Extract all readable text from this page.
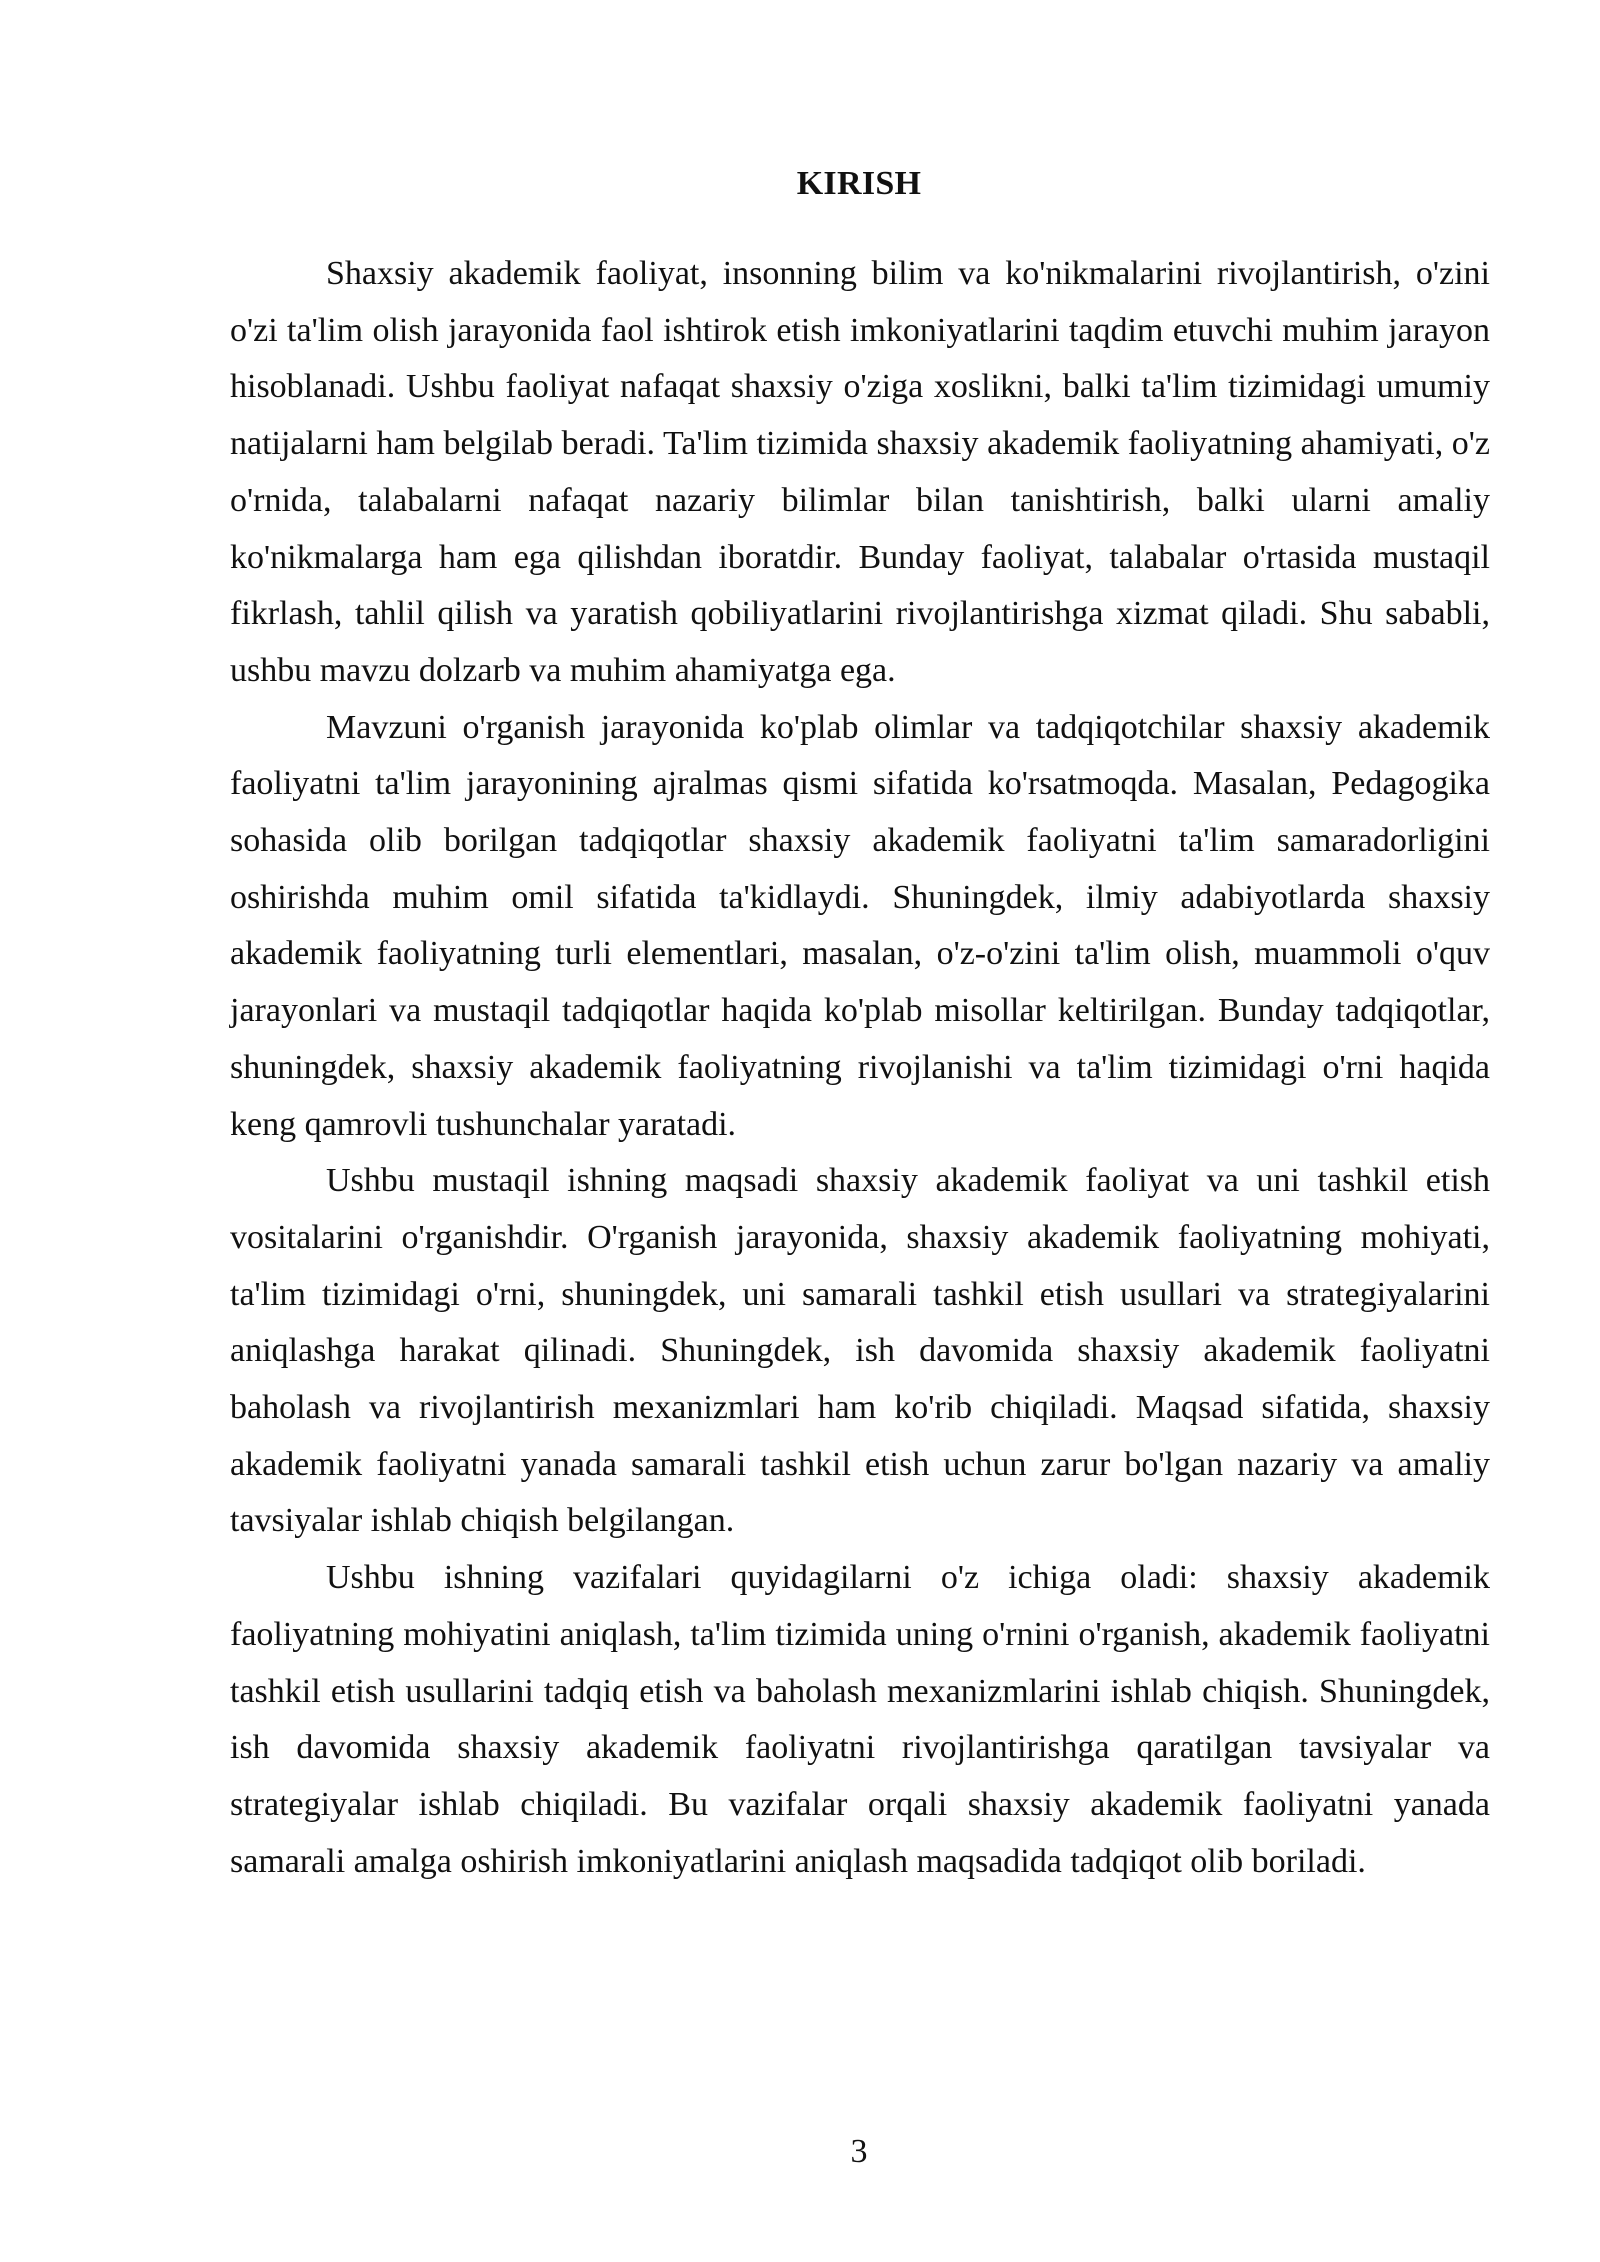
KIRISH

Shaxsiy akademik faoliyat, insonning bilim va ko'nikmalarini rivojlantirish, o'zini o'zi ta'lim olish jarayonida faol ishtirok etish imkoniyatlarini taqdim etuvchi muhim jarayon hisoblanadi. Ushbu faoliyat nafaqat shaxsiy o'ziga xoslikni, balki ta'lim tizimidagi umumiy natijalarni ham belgilab beradi. Ta'lim tizimida shaxsiy akademik faoliyatning ahamiyati, o'z o'rnida, talabalarni nafaqat nazariy bilimlar bilan tanishtirish, balki ularni amaliy ko'nikmalarga ham ega qilishdan iboratdir. Bunday faoliyat, talabalar o'rtasida mustaqil fikrlash, tahlil qilish va yaratish qobiliyatlarini rivojlantirishga xizmat qiladi. Shu sababli, ushbu mavzu dolzarb va muhim ahamiyatga ega.

Mavzuni o'rganish jarayonida ko'plab olimlar va tadqiqotchilar shaxsiy akademik faoliyatni ta'lim jarayonining ajralmas qismi sifatida ko'rsatmoqda. Masalan, Pedagogika sohasida olib borilgan tadqiqotlar shaxsiy akademik faoliyatni ta'lim samaradorligini oshirishda muhim omil sifatida ta'kidlaydi. Shuningdek, ilmiy adabiyotlarda shaxsiy akademik faoliyatning turli elementlari, masalan, o'z-o'zini ta'lim olish, muammoli o'quv jarayonlari va mustaqil tadqiqotlar haqida ko'plab misollar keltirilgan. Bunday tadqiqotlar, shuningdek, shaxsiy akademik faoliyatning rivojlanishi va ta'lim tizimidagi o'rni haqida keng qamrovli tushunchalar yaratadi.

Ushbu mustaqil ishning maqsadi shaxsiy akademik faoliyat va uni tashkil etish vositalarini o'rganishdir. O'rganish jarayonida, shaxsiy akademik faoliyatning mohiyati, ta'lim tizimidagi o'rni, shuningdek, uni samarali tashkil etish usullari va strategiyalarini aniqlashga harakat qilinadi. Shuningdek, ish davomida shaxsiy akademik faoliyatni baholash va rivojlantirish mexanizmlari ham ko'rib chiqiladi. Maqsad sifatida, shaxsiy akademik faoliyatni yanada samarali tashkil etish uchun zarur bo'lgan nazariy va amaliy tavsiyalar ishlab chiqish belgilangan.

Ushbu ishning vazifalari quyidagilarni o'z ichiga oladi: shaxsiy akademik faoliyatning mohiyatini aniqlash, ta'lim tizimida uning o'rnini o'rganish, akademik faoliyatni tashkil etish usullarini tadqiq etish va baholash mexanizmlarini ishlab chiqish. Shuningdek, ish davomida shaxsiy akademik faoliyatni rivojlantirishga qaratilgan tavsiyalar va strategiyalar ishlab chiqiladi. Bu vazifalar orqali shaxsiy akademik faoliyatni yanada samarali amalga oshirish imkoniyatlarini aniqlash maqsadida tadqiqot olib boriladi.

3
